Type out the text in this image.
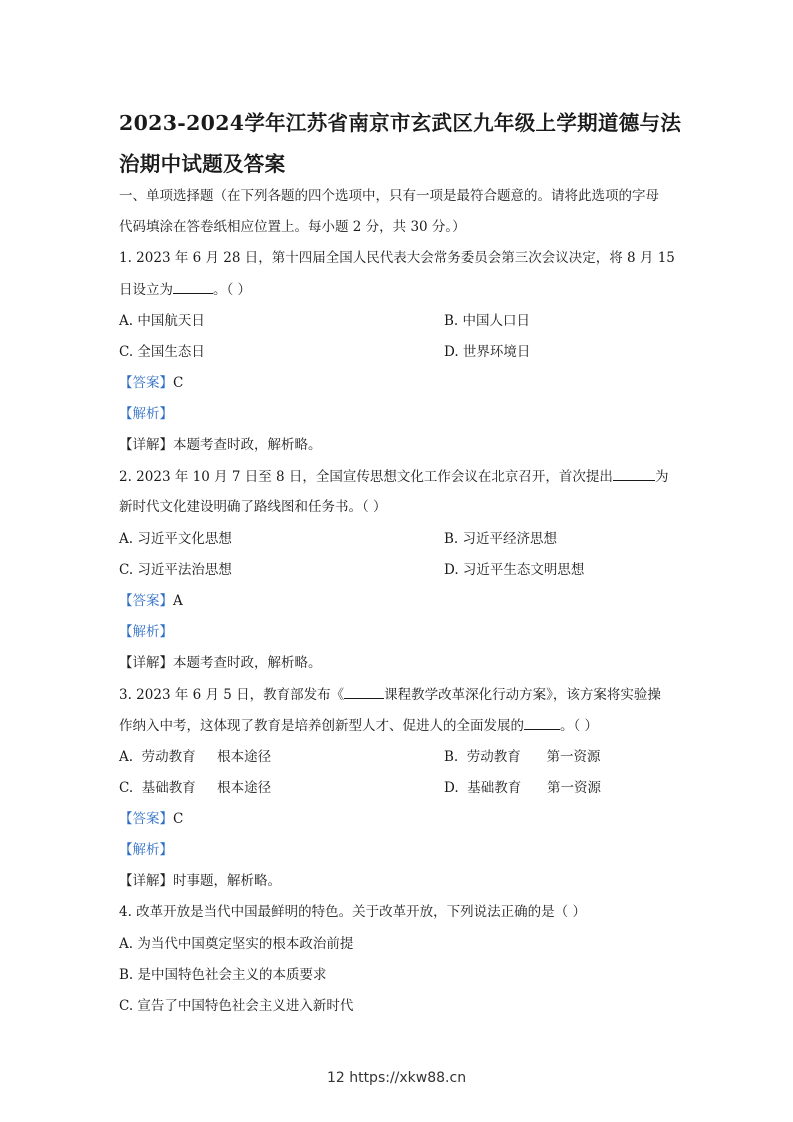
2023-2024学年江苏省南京市玄武区九年级上学期道德与法
治期中试题及答案
一、单项选择题（在下列各题的四个选项中，只有一项是最符合题意的。请将此选项的字母
代码填涂在答卷纸相应位置上。每小题 2 分，共 30 分。）
1. 2023 年 6 月 28 日，第十四届全国人民代表大会常务委员会第三次会议决定，将 8 月 15
日设立为	。（ ）
A. 中国航天日	B. 中国人口日
C. 全国生态日	D. 世界环境日
【答案】C
【解析】
【详解】本题考查时政，解析略。
2. 2023 年 10 月 7 日至 8 日，全国宣传思想文化工作会议在北京召开，首次提出	为
新时代文化建设明确了路线图和任务书。（ ）
A. 习近平文化思想	B. 习近平经济思想
C. 习近平法治思想	D. 习近平生态文明思想
【答案】A
【解析】
【详解】本题考查时政，解析略。
3. 2023 年 6 月 5 日，教育部发布《	课程教学改革深化行动方案》，该方案将实验操
作纳入中考，这体现了教育是培养创新型人才、促进人的全面发展的	。（ ）
A.  劳动教育     根本途径	B.  劳动教育      第一资源
C.  基础教育     根本途径	D.  基础教育      第一资源
【答案】C
【解析】
【详解】时事题，解析略。
4. 改革开放是当代中国最鲜明的特色。关于改革开放，下列说法正确的是（ ）
A. 为当代中国奠定坚实的根本政治前提
B. 是中国特色社会主义的本质要求
C. 宣告了中国特色社会主义进入新时代
12 https://xkw88.cn
